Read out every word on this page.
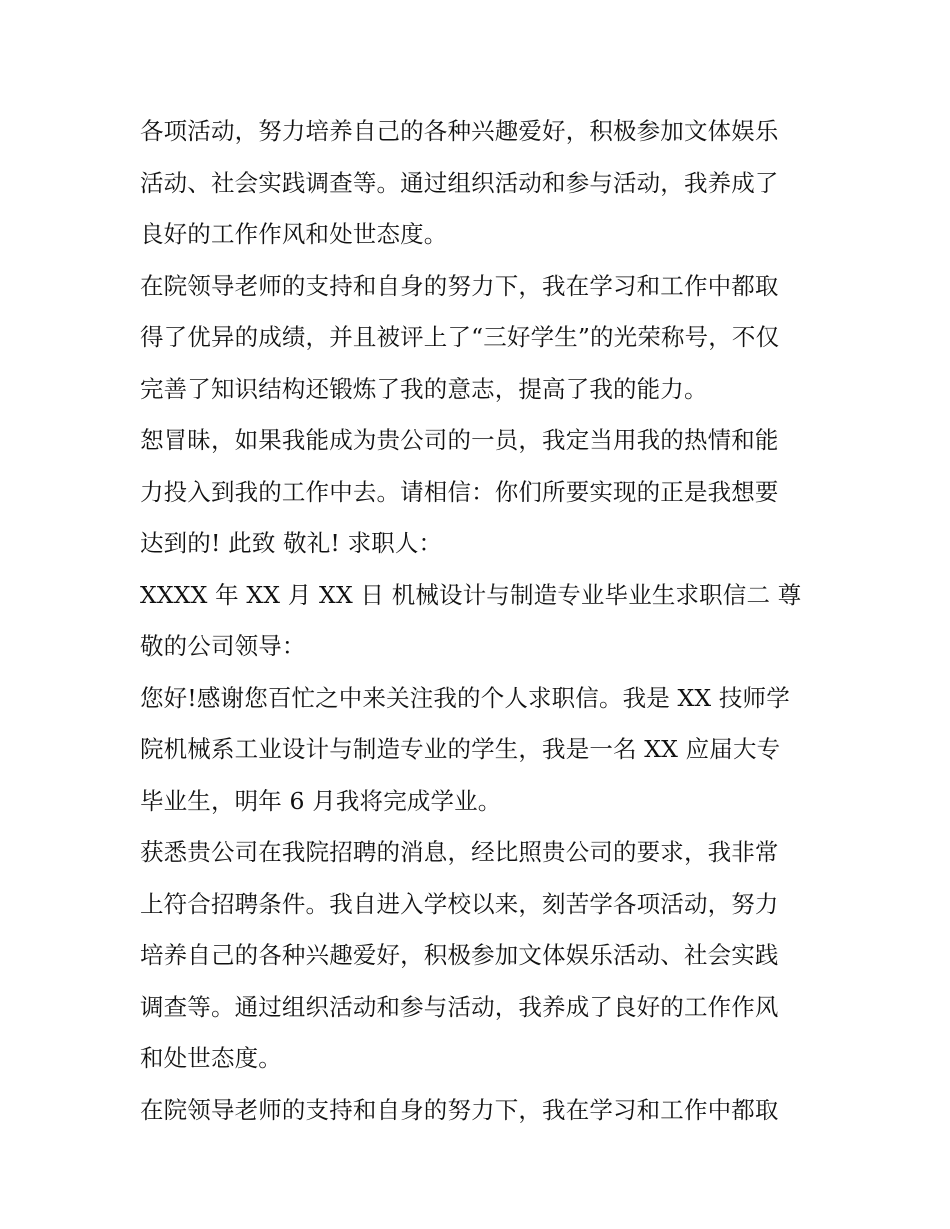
各项活动，努力培养自己的各种兴趣爱好，积极参加文体娱乐
活动、社会实践调查等。通过组织活动和参与活动，我养成了
良好的工作作风和处世态度。
在院领导老师的支持和自身的努力下，我在学习和工作中都取
得了优异的成绩，并且被评上了“三好学生”的光荣称号，不仅
完善了知识结构还锻炼了我的意志，提高了我的能力。
恕冒昧，如果我能成为贵公司的一员，我定当用我的热情和能
力投入到我的工作中去。请相信：你们所要实现的正是我想要
达到的! 此致 敬礼! 求职人：
XXXX 年 XX 月 XX 日 机械设计与制造专业毕业生求职信二 尊
敬的公司领导：
您好!感谢您百忙之中来关注我的个人求职信。我是 XX 技师学
院机械系工业设计与制造专业的学生，我是一名 XX 应届大专
毕业生，明年 6 月我将完成学业。
获悉贵公司在我院招聘的消息，经比照贵公司的要求，我非常
上符合招聘条件。我自进入学校以来，刻苦学各项活动，努力
培养自己的各种兴趣爱好，积极参加文体娱乐活动、社会实践
调查等。通过组织活动和参与活动，我养成了良好的工作作风
和处世态度。
在院领导老师的支持和自身的努力下，我在学习和工作中都取
